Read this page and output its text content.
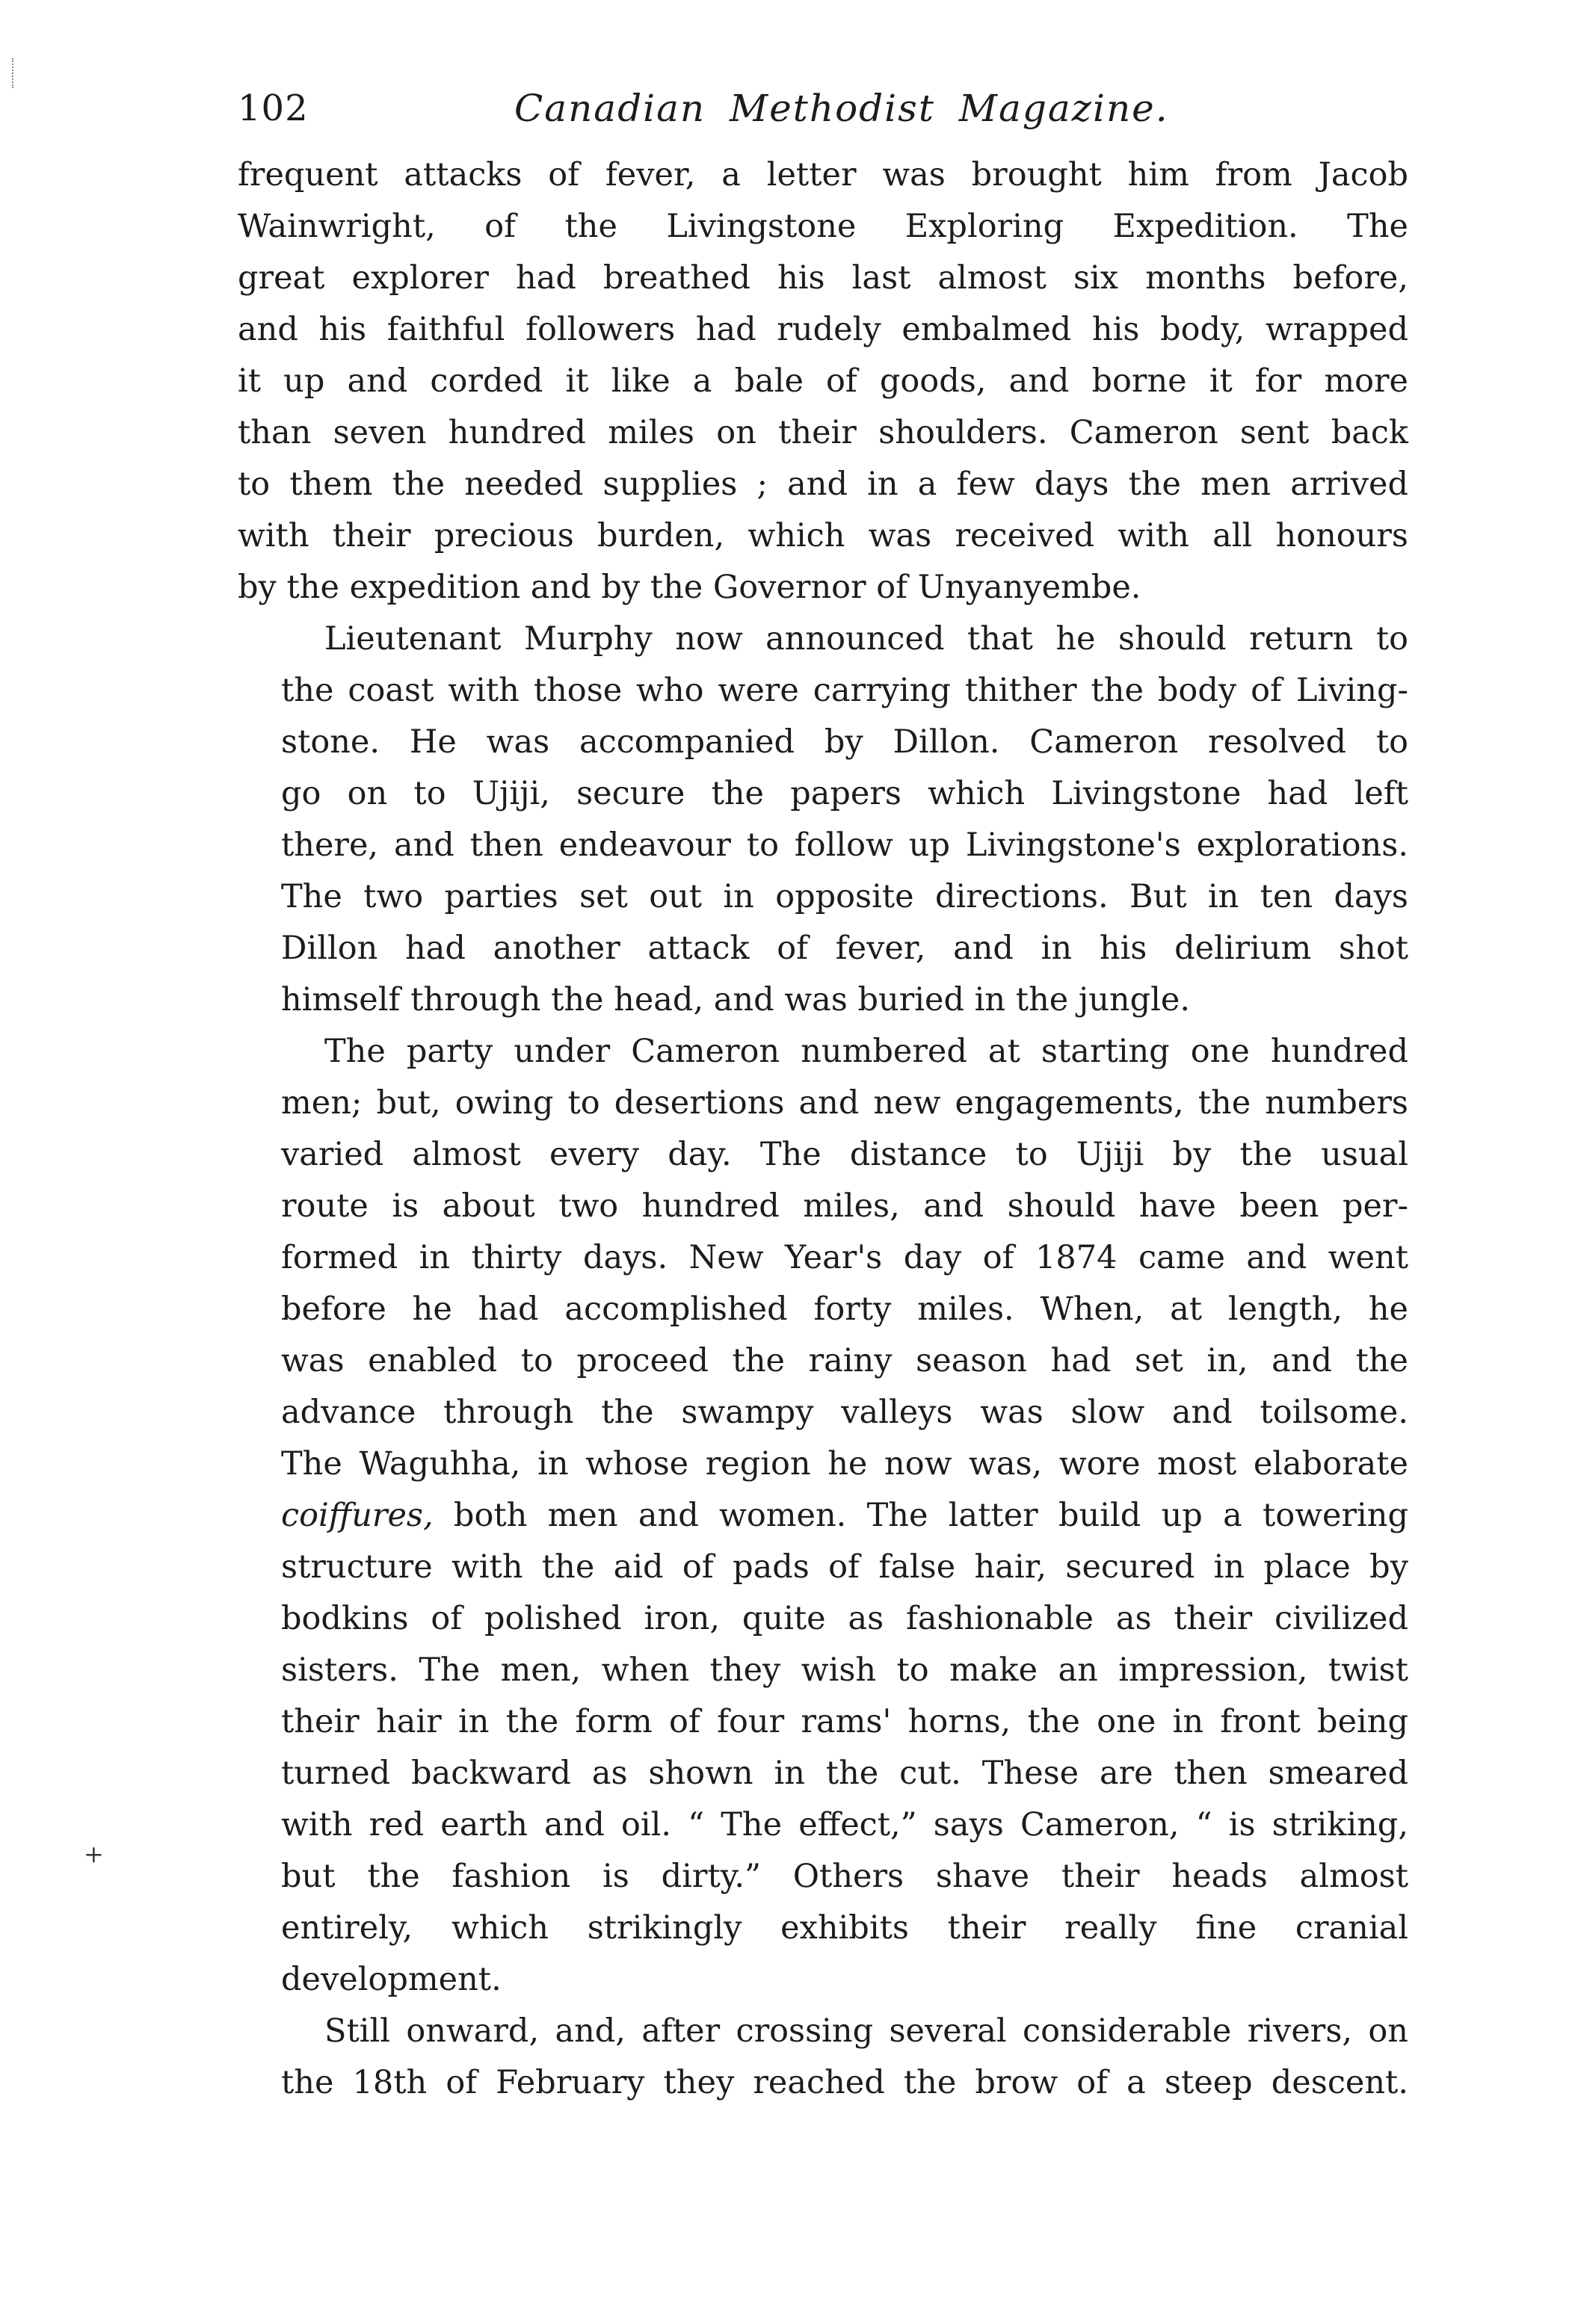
102	Canadian Methodist Magazine.
+
frequent attacks of fever, a letter was brought him from Jacob
Wainwright, of the Livingstone Exploring Expedition. The
great explorer had breathed his last almost six months before,
and his faithful followers had rudely embalmed his body, wrapped
it up and corded it like a bale of goods, and borne it for more
than seven hundred miles on their shoulders. Cameron sent back
to them the needed supplies ; and in a few days the men arrived
with their precious burden, which was received with all honours
by the expedition and by the Governor of Unyanyembe.
Lieutenant Murphy now announced that he should return to
the coast with those who were carrying thither the body of Living-
stone. He was accompanied by Dillon. Cameron resolved to
go on to Ujiji, secure the papers which Livingstone had left
there, and then endeavour to follow up Livingstone's explorations.
The two parties set out in opposite directions. But in ten days
Dillon had another attack of fever, and in his delirium shot
himself through the head, and was buried in the jungle.
The party under Cameron numbered at starting one hundred
men; but, owing to desertions and new engagements, the numbers
varied almost every day. The distance to Ujiji by the usual
route is about two hundred miles, and should have been per-
formed in thirty days. New Year's day of 1874 came and went
before he had accomplished forty miles. When, at length, he
was enabled to proceed the rainy season had set in, and the
advance through the swampy valleys was slow and toilsome.
The Waguhha, in whose region he now was, wore most elaborate
coiffures, both men and women. The latter build up a towering
structure with the aid of pads of false hair, secured in place by
bodkins of polished iron, quite as fashionable as their civilized
sisters. The men, when they wish to make an impression, twist
their hair in the form of four rams' horns, the one in front being
turned backward as shown in the cut. These are then smeared
with red earth and oil. “ The effect,” says Cameron, “ is striking,
but the fashion is dirty.” Others shave their heads almost
entirely, which strikingly exhibits their really fine cranial
development.
Still onward, and, after crossing several considerable rivers, on
the 18th of February they reached the brow of a steep descent.
